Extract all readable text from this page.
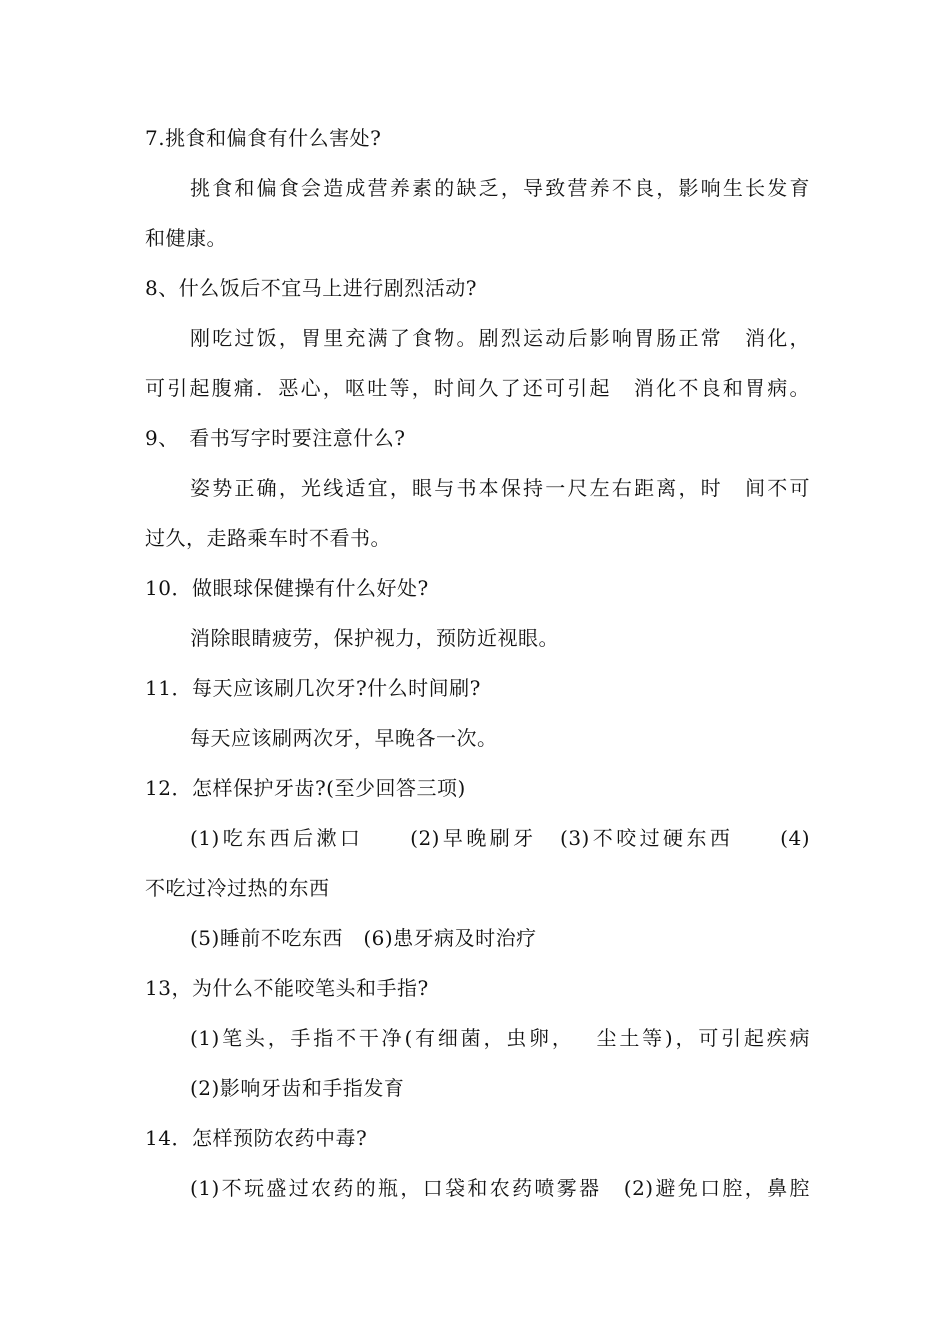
7.挑食和偏食有什么害处?
挑食和偏食会造成营养素的缺乏，导致营养不良，影响生长发育
和健康。
8、什么饭后不宜马上进行剧烈活动?
刚吃过饭，胃里充满了食物。剧烈运动后影响胃肠正常　消化，
可引起腹痛．恶心，呕吐等，时间久了还可引起　消化不良和胃病。
9、　看书写字时要注意什么?
姿势正确，光线适宜，眼与书本保持一尺左右距离，时　间不可
过久，走路乘车时不看书。
10．做眼球保健操有什么好处?
消除眼睛疲劳，保护视力，预防近视眼。
11．每天应该刷几次牙?什么时间刷?
每天应该刷两次牙，早晚各一次。
12．怎样保护牙齿?(至少回答三项)
(1)吃东西后漱口　　(2)早晚刷牙　(3)不咬过硬东西　　(4)
不吃过冷过热的东西
(5)睡前不吃东西　(6)患牙病及时治疗
13，为什么不能咬笔头和手指?
(1)笔头，手指不干净(有细菌，虫卵，　 尘土等)，可引起疾病
(2)影响牙齿和手指发育
14．怎样预防农药中毒?
(1)不玩盛过农药的瓶，口袋和农药喷雾器　(2)避免口腔，鼻腔
